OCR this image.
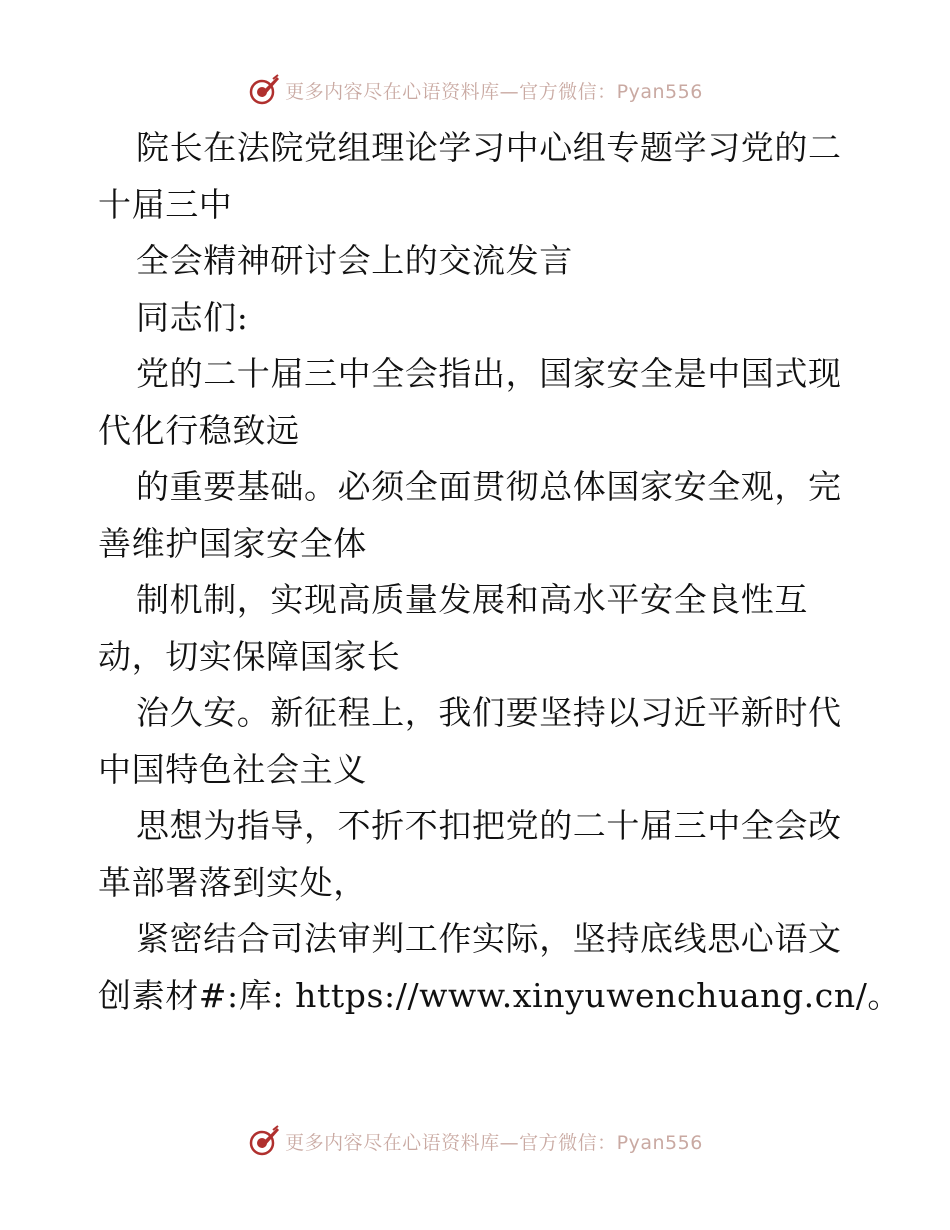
更多内容尽在心语资料库—官方微信：Pyan556
院长在法院党组理论学习中心组专题学习党的二
十届三中
全会精神研讨会上的交流发言
同志们:
党的二十届三中全会指出，国家安全是中国式现
代化行稳致远
的重要基础。必须全面贯彻总体国家安全观，完
善维护国家安全体
制机制，实现高质量发展和高水平安全良性互
动，切实保障国家长
治久安。新征程上，我们要坚持以习近平新时代
中国特色社会主义
思想为指导，不折不扣把党的二十届三中全会改
革部署落到实处，
紧密结合司法审判工作实际，坚持底线思心语文
创素材#:库: https://www.xinyuwenchuang.cn/。
更多内容尽在心语资料库—官方微信：Pyan556
